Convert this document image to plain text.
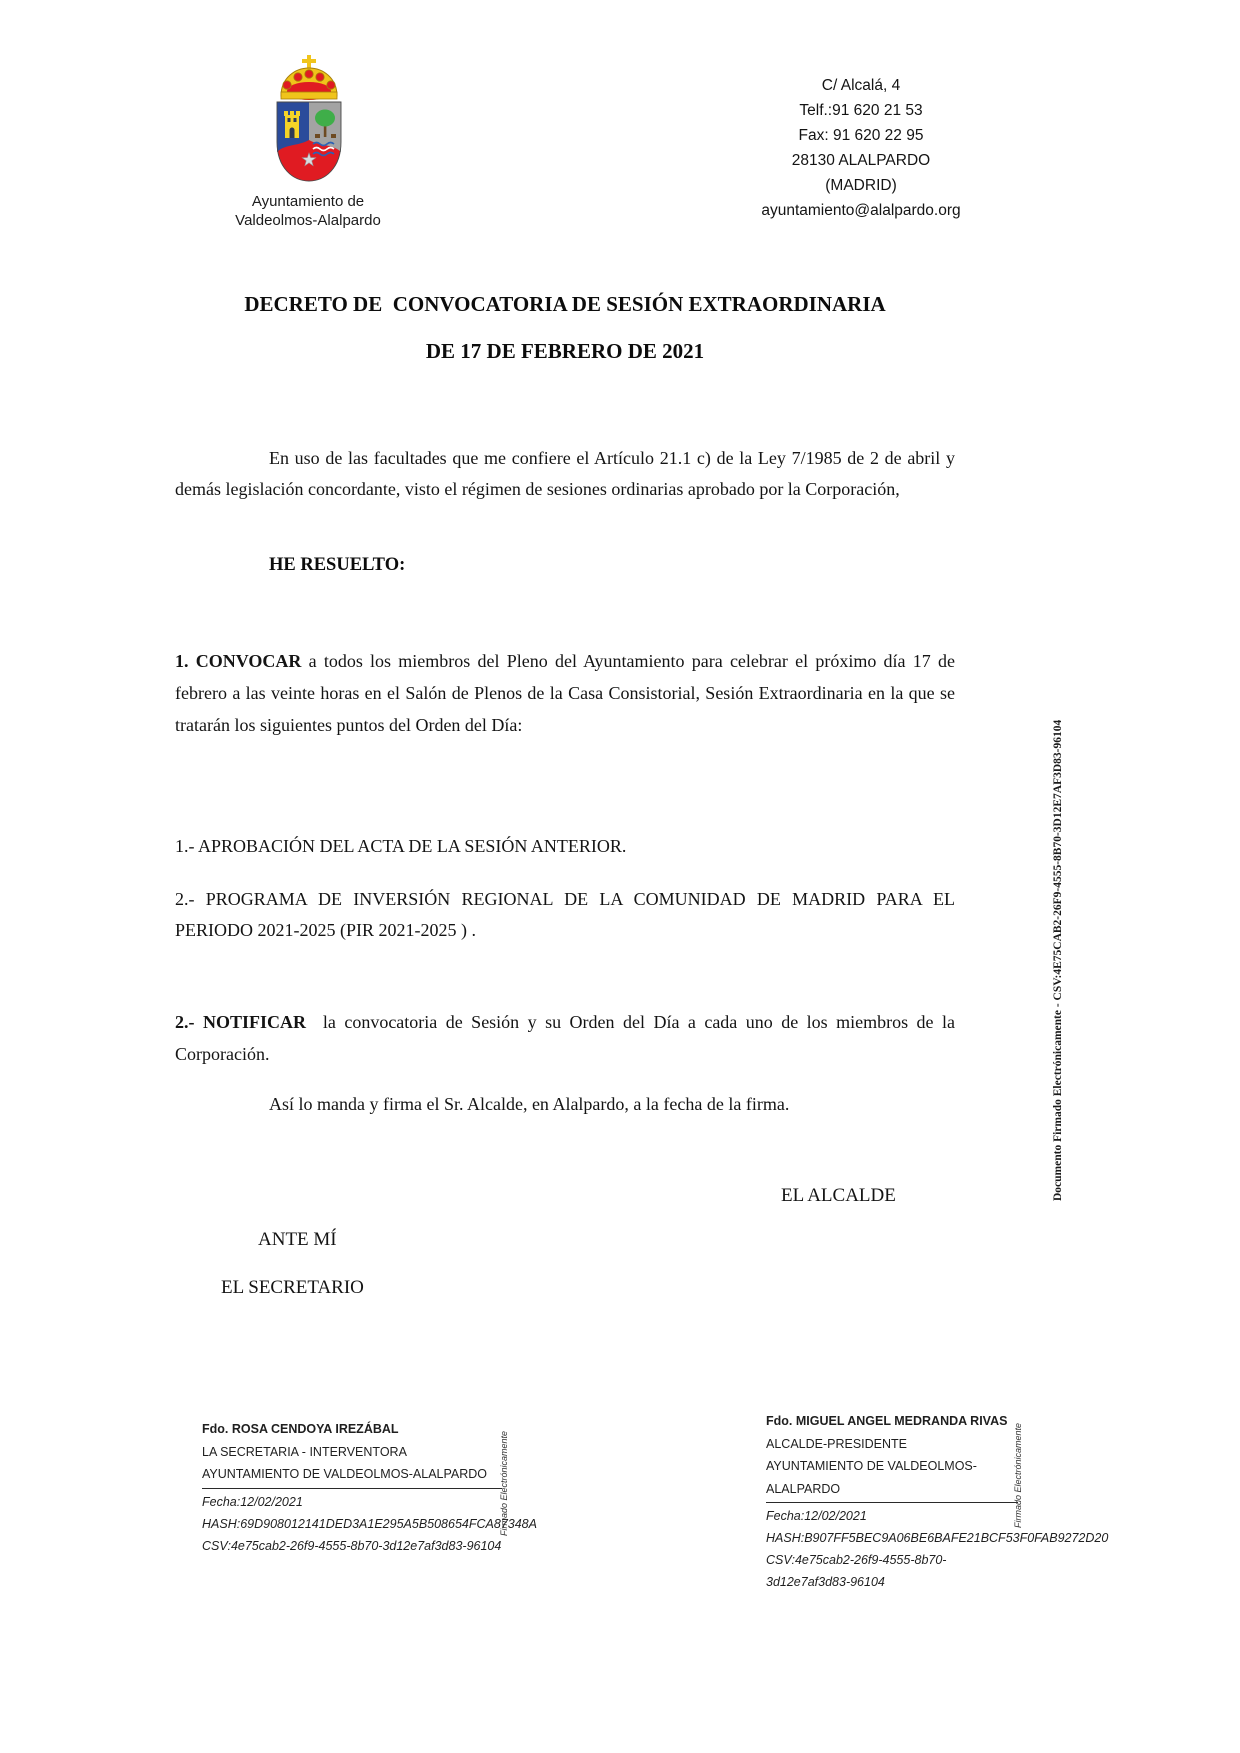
Ayuntamiento de
Valdeolmos-Alalpardo
C/ Alcalá, 4
Telf.:91 620 21 53
Fax: 91 620 22 95
28130 ALALPARDO
(MADRID)
ayuntamiento@alalpardo.org
DECRETO DE  CONVOCATORIA DE SESIÓN EXTRAORDINARIA
DE 17 DE FEBRERO DE 2021
En uso de las facultades que me confiere el Artículo 21.1 c) de la Ley 7/1985 de 2 de abril y demás legislación concordante, visto el régimen de sesiones ordinarias aprobado por la Corporación,
HE RESUELTO:
1. CONVOCAR a todos los miembros del Pleno del Ayuntamiento para celebrar el próximo día 17 de febrero a las veinte horas en el Salón de Plenos de la Casa Consistorial, Sesión Extraordinaria en la que se tratarán los siguientes puntos del Orden del Día:
1.- APROBACIÓN DEL ACTA DE LA SESIÓN ANTERIOR.
2.- PROGRAMA DE INVERSIÓN REGIONAL DE LA COMUNIDAD DE MADRID PARA EL PERIODO 2021-2025 (PIR 2021-2025 ) .
2.- NOTIFICAR  la convocatoria de Sesión y su Orden del Día a cada uno de los miembros de la Corporación.
Así lo manda y firma el Sr. Alcalde, en Alalpardo, a la fecha de la firma.
EL ALCALDE
ANTE MÍ
EL SECRETARIO
Fdo. ROSA CENDOYA IREZÁBAL
LA SECRETARIA - INTERVENTORA
AYUNTAMIENTO DE VALDEOLMOS-ALALPARDO
Fecha:12/02/2021
HASH:69D908012141DED3A1E295A5B508654FCA87348A
CSV:4e75cab2-26f9-4555-8b70-3d12e7af3d83-96104
Firmado Electrónicamente
Fdo. MIGUEL ANGEL MEDRANDA RIVAS
ALCALDE-PRESIDENTE
AYUNTAMIENTO DE VALDEOLMOS-ALALPARDO
Fecha:12/02/2021
HASH:B907FF5BEC9A06BE6BAFE21BCF53F0FAB9272D20
CSV:4e75cab2-26f9-4555-8b70-3d12e7af3d83-96104
Firmado Electrónicamente
Documento Firmado Electrónicamente - CSV:4E75CAB2-26F9-4555-8B70-3D12E7AF3D83-96104
